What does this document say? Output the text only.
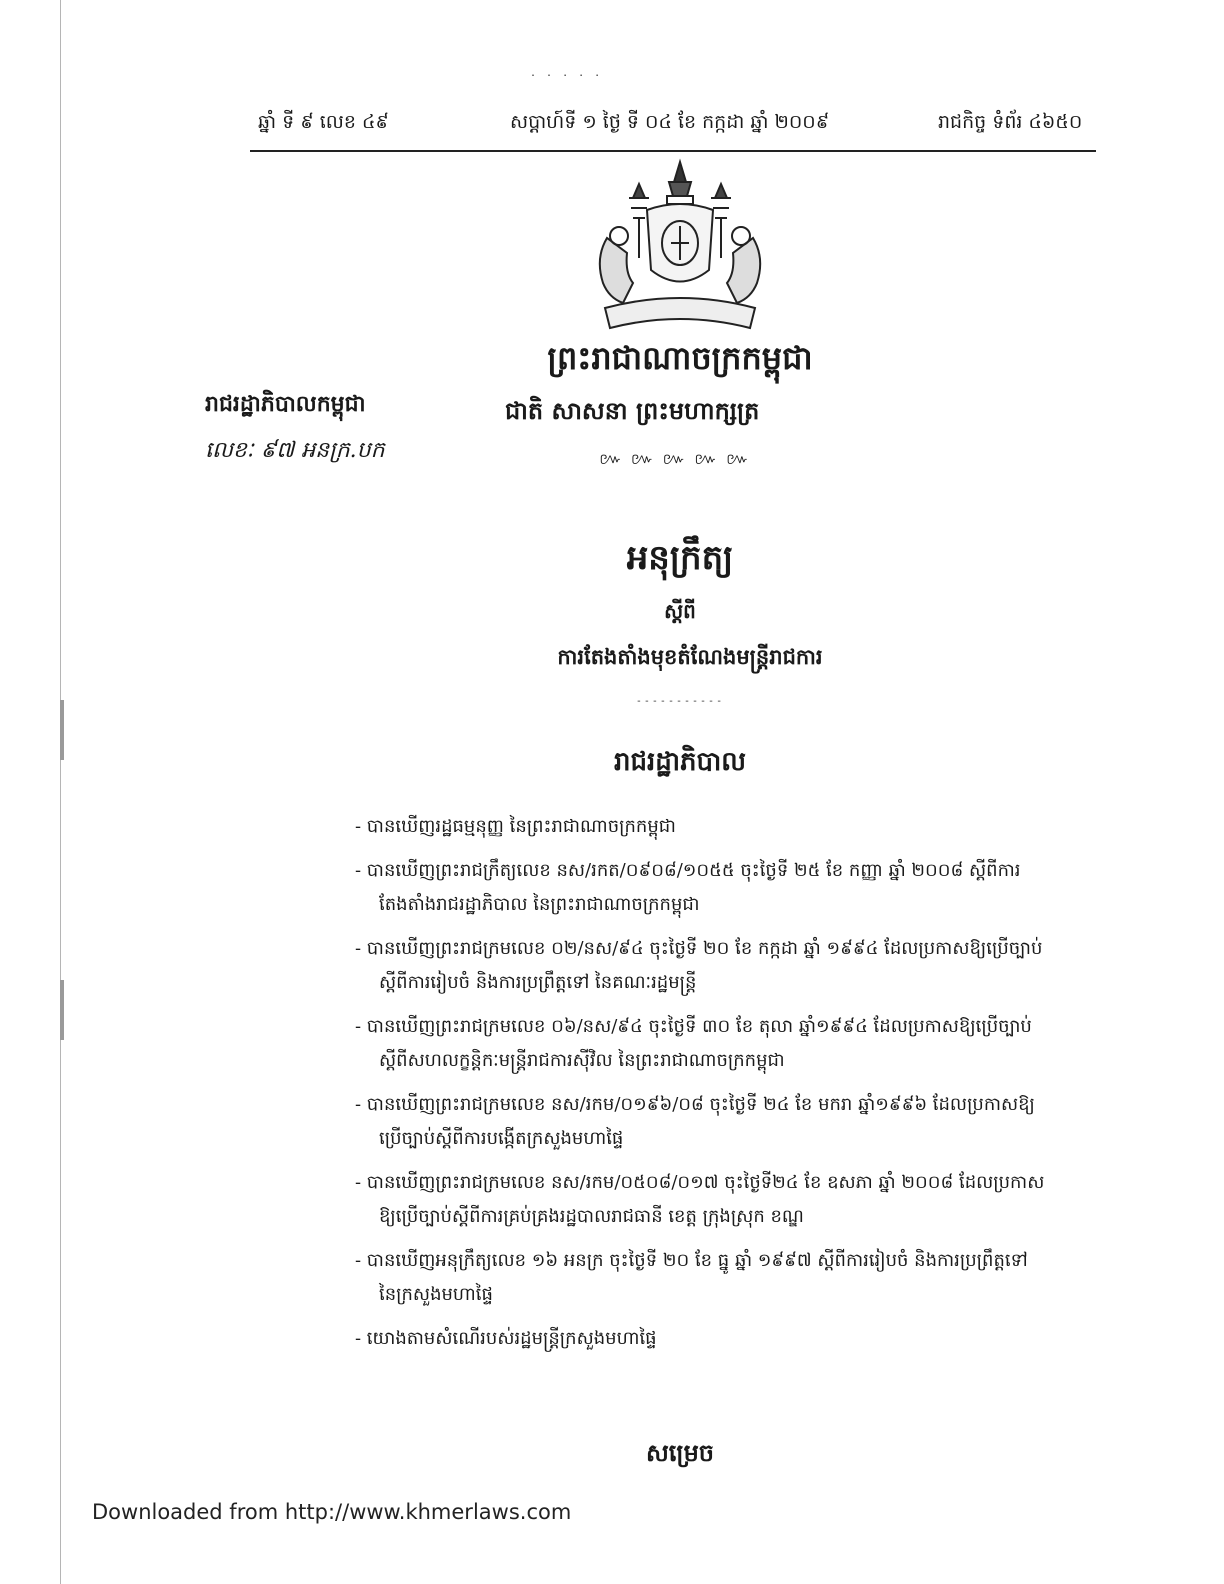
. . . . .
ឆ្នាំ ទី ៩ លេខ ៤៩	សប្តាហ៍ទី ១ ថ្ងៃ ទី ០៤ ខែ កក្កដា ឆ្នាំ ២០០៩	រាជកិច្ច ទំព័រ ៤៦៥០
ព្រះរាជាណាចក្រកម្ពុជា
ជាតិ សាសនា ព្រះមហាក្សត្រ
៚ ៚ ៚ ៚ ៚
រាជរដ្ឋាភិបាលកម្ពុជា
លេខៈ ៩៧ អនក្រ.បក
អនុក្រឹត្យ
ស្តីពី
ការតែងតាំងមុខតំណែងមន្ត្រីរាជការ
-----------
រាជរដ្ឋាភិបាល
- បានឃើញរដ្ឋធម្មនុញ្ញ នៃព្រះរាជាណាចក្រកម្ពុជា
- បានឃើញព្រះរាជក្រឹត្យលេខ នស/រកត/០៩០៨/១០៥៥ ចុះថ្ងៃទី ២៥ ខែ កញ្ញា ឆ្នាំ ២០០៨ ស្តីពីការ
តែងតាំងរាជរដ្ឋាភិបាល នៃព្រះរាជាណាចក្រកម្ពុជា
- បានឃើញព្រះរាជក្រមលេខ ០២/នស/៩៤ ចុះថ្ងៃទី ២០ ខែ កក្កដា ឆ្នាំ ១៩៩៤ ដែលប្រកាសឱ្យប្រើច្បាប់
ស្តីពីការរៀបចំ និងការប្រព្រឹត្តទៅ នៃគណៈរដ្ឋមន្ត្រី
- បានឃើញព្រះរាជក្រមលេខ ០៦/នស/៩៤ ចុះថ្ងៃទី ៣០ ខែ តុលា ឆ្នាំ១៩៩៤ ដែលប្រកាសឱ្យប្រើច្បាប់
ស្តីពីសហលក្ខន្តិកៈមន្ត្រីរាជការស៊ីវិល នៃព្រះរាជាណាចក្រកម្ពុជា
- បានឃើញព្រះរាជក្រមលេខ នស/រកម/០១៩៦/០៨ ចុះថ្ងៃទី ២៤ ខែ មករា ឆ្នាំ១៩៩៦ ដែលប្រកាសឱ្យ
ប្រើច្បាប់ស្តីពីការបង្កើតក្រសួងមហាផ្ទៃ
- បានឃើញព្រះរាជក្រមលេខ នស/រកម/០៥០៨/០១៧ ចុះថ្ងៃទី២៤ ខែ ឧសភា ឆ្នាំ ២០០៨ ដែលប្រកាស
ឱ្យប្រើច្បាប់ស្តីពីការគ្រប់គ្រងរដ្ឋបាលរាជធានី ខេត្ត ក្រុងស្រុក ខណ្ឌ
- បានឃើញអនុក្រឹត្យលេខ ១៦ អនក្រ ចុះថ្ងៃទី ២០ ខែ ធ្នូ ឆ្នាំ ១៩៩៧ ស្តីពីការរៀបចំ និងការប្រព្រឹត្តទៅ
នៃក្រសួងមហាផ្ទៃ
- យោងតាមសំណើរបស់រដ្ឋមន្ត្រីក្រសួងមហាផ្ទៃ
សម្រេច
Downloaded from http://www.khmerlaws.com
